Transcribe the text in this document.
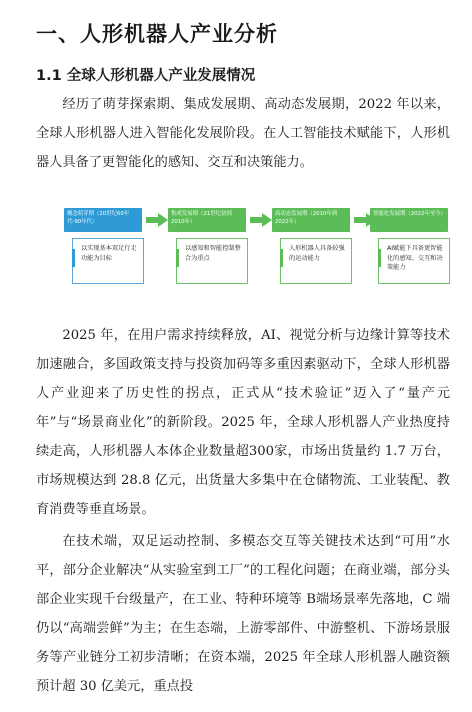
一、人形机器人产业分析
1.1 全球人形机器人产业发展情况

经历了萌芽探索期、集成发展期、高动态发展期，2022 年以来，全球人形机器人进入智能化发展阶段。在人工智能技术赋能下，人形机器人具备了更智能化的感知、交互和决策能力。

概念萌芽期（20世纪60年代-90年代）
以实现基本双足行走功能为目标
集成发展期（21世纪初到2010年）
以感知和智能控制整合为重点
高动态发展期（2010年到2022年）
人形机器人具备较强的运动能力
智能化发展期（2022年至今）
AI赋能下具备更智能化的感知、交互和决策能力

2025 年，在用户需求持续释放，AI、视觉分析与边缘计算等技术加速融合，多国政策支持与投资加码等多重因素驱动下，全球人形机器人产业迎来了历史性的拐点，正式从“技术验证”迈入了“量产元年”与“场景商业化”的新阶段。2025 年，全球人形机器人产业热度持续走高，人形机器人本体企业数量超300家，市场出货量约 1.7 万台，市场规模达到 28.8 亿元，出货量大多集中在仓储物流、工业装配、教育消费等垂直场景。

在技术端，双足运动控制、多模态交互等关键技术达到“可用”水平，部分企业解决“从实验室到工厂”的工程化问题；在商业端，部分头部企业实现千台级量产，在工业、特种环境等 B端场景率先落地，C 端仍以“高端尝鲜”为主；在生态端，上游零部件、中游整机、下游场景服务等产业链分工初步清晰；在资本端，2025 年全球人形机器人融资额预计超 30 亿美元，重点投
